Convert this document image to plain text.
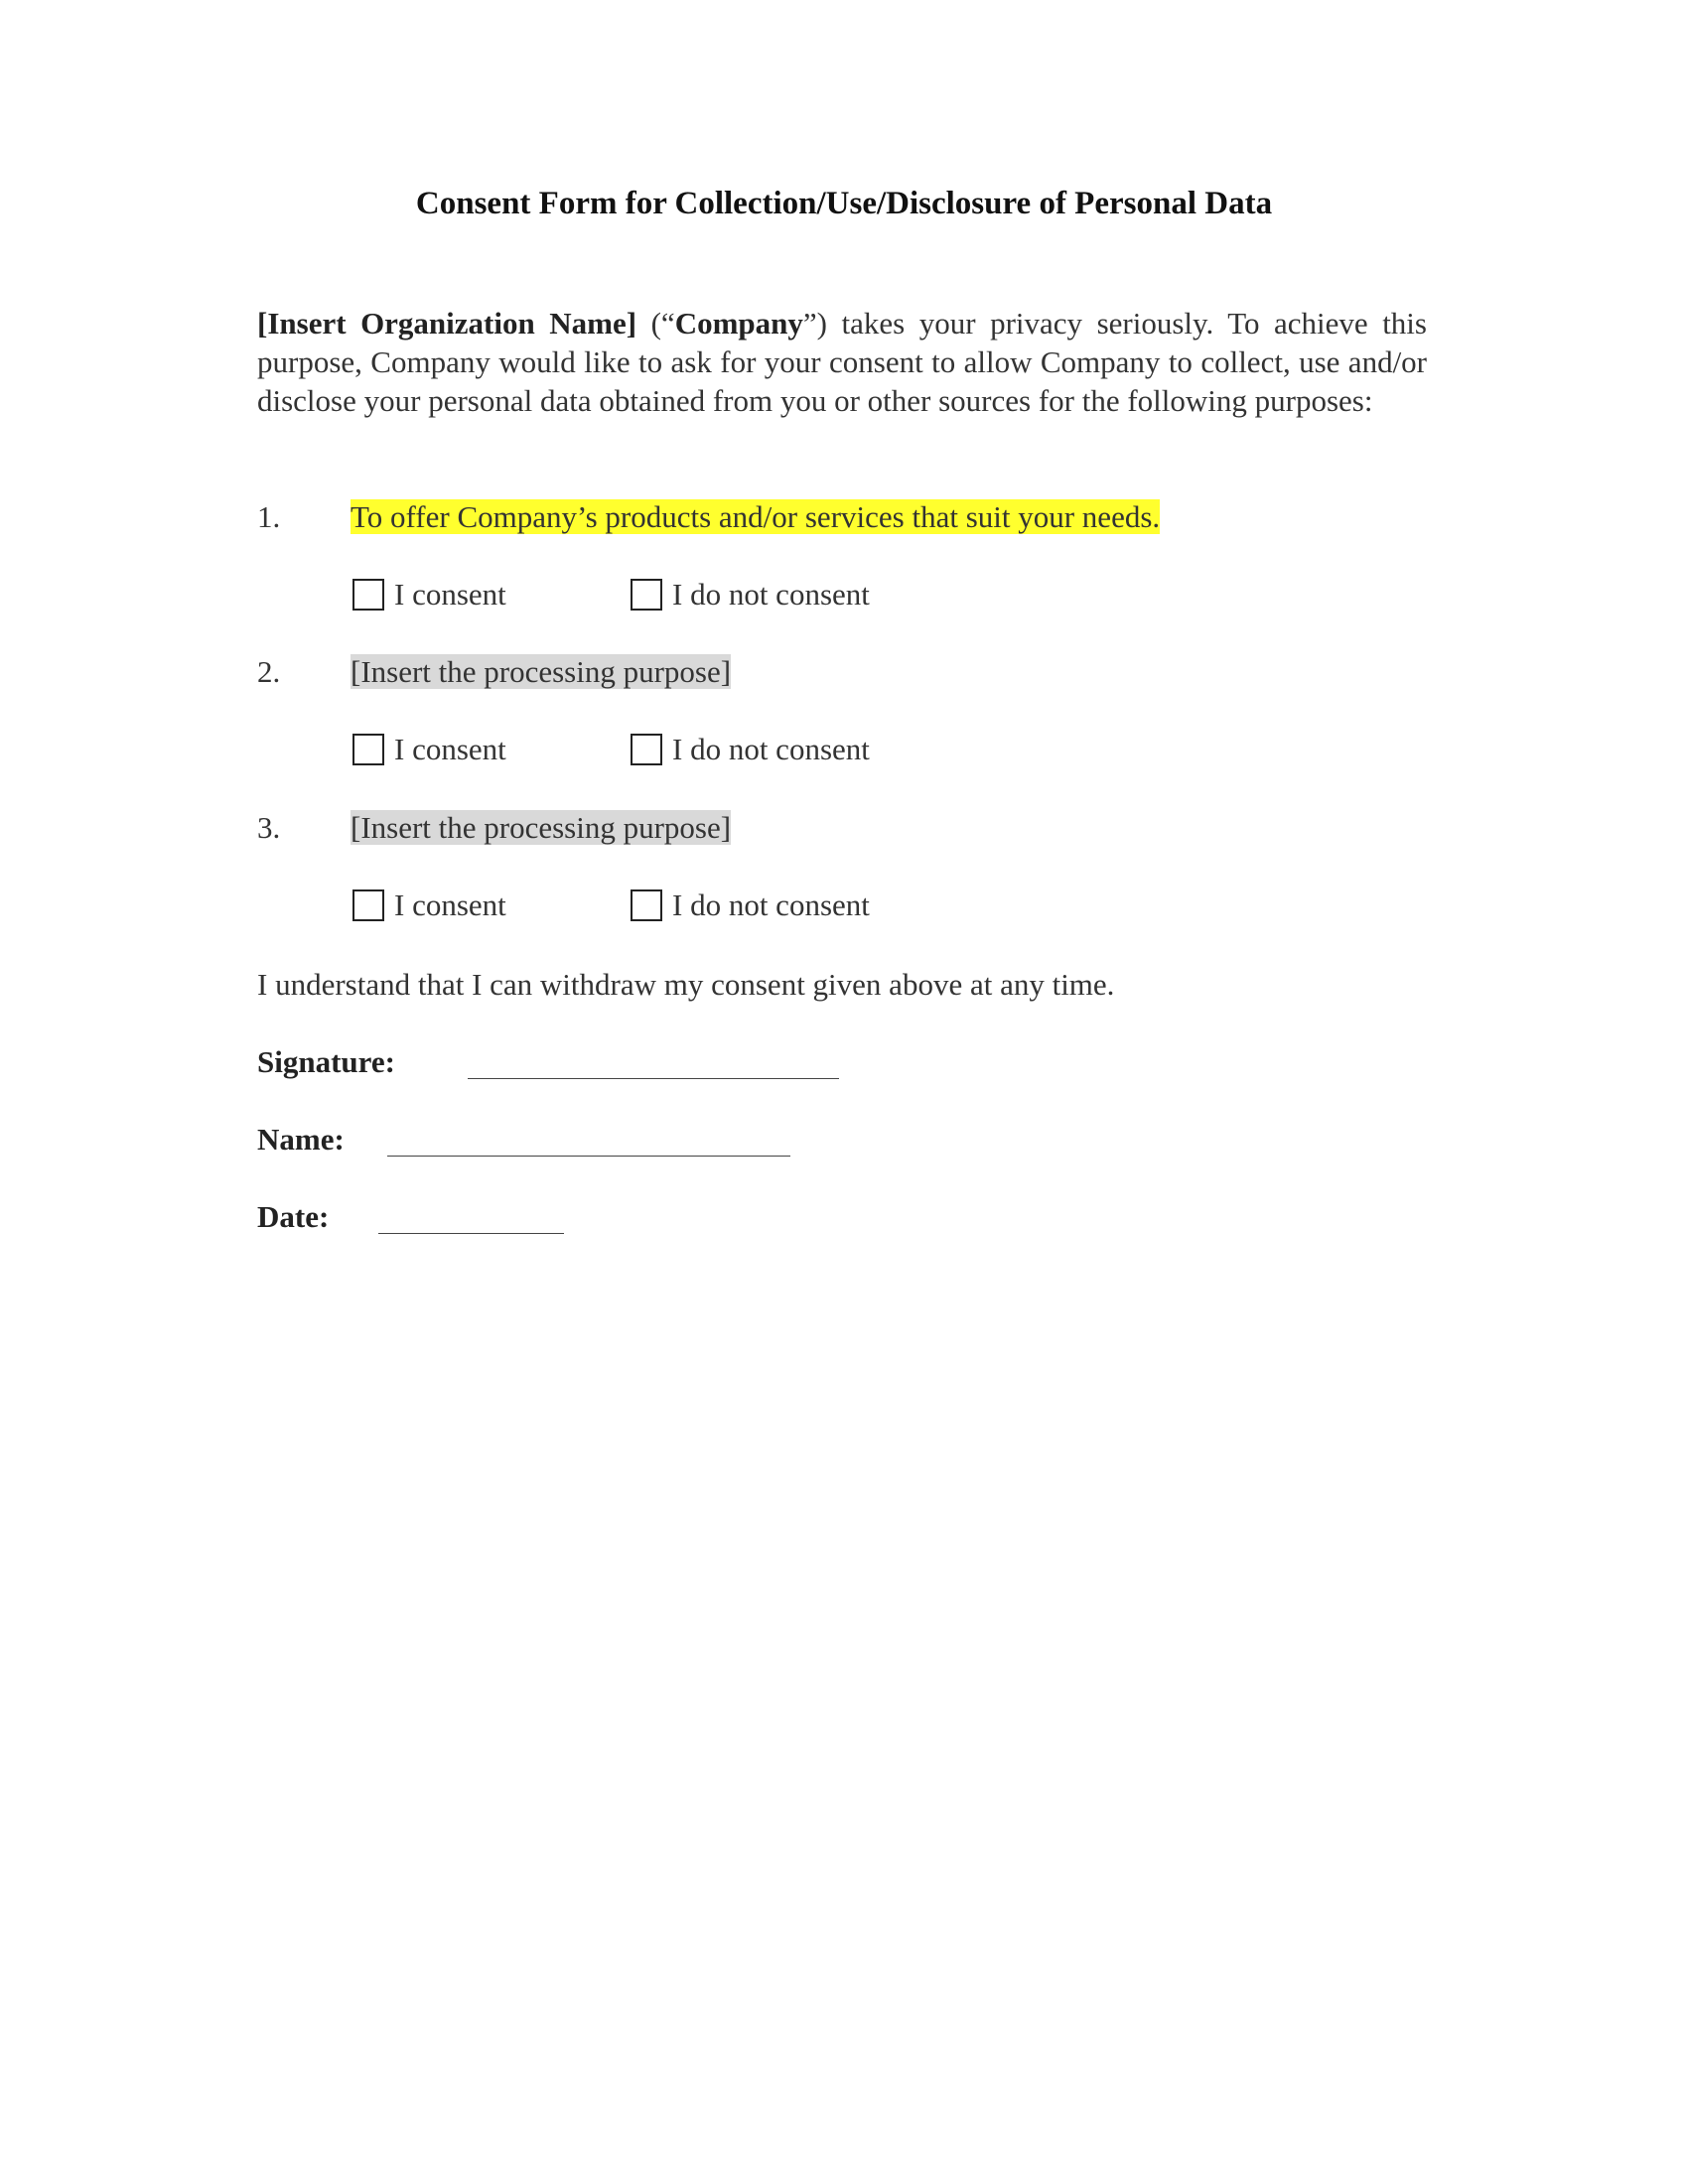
Consent Form for Collection/Use/Disclosure of Personal Data
[Insert Organization Name] (“Company”) takes your privacy seriously. To achieve this purpose, Company would like to ask for your consent to allow Company to collect, use and/or disclose your personal data obtained from you or other sources for the following purposes:
1. To offer Company’s products and/or services that suit your needs.
I consent	I do not consent
2. [Insert the processing purpose]
I consent	I do not consent
3. [Insert the processing purpose]
I consent	I do not consent
I understand that I can withdraw my consent given above at any time.
Signature:
Name:
Date:
